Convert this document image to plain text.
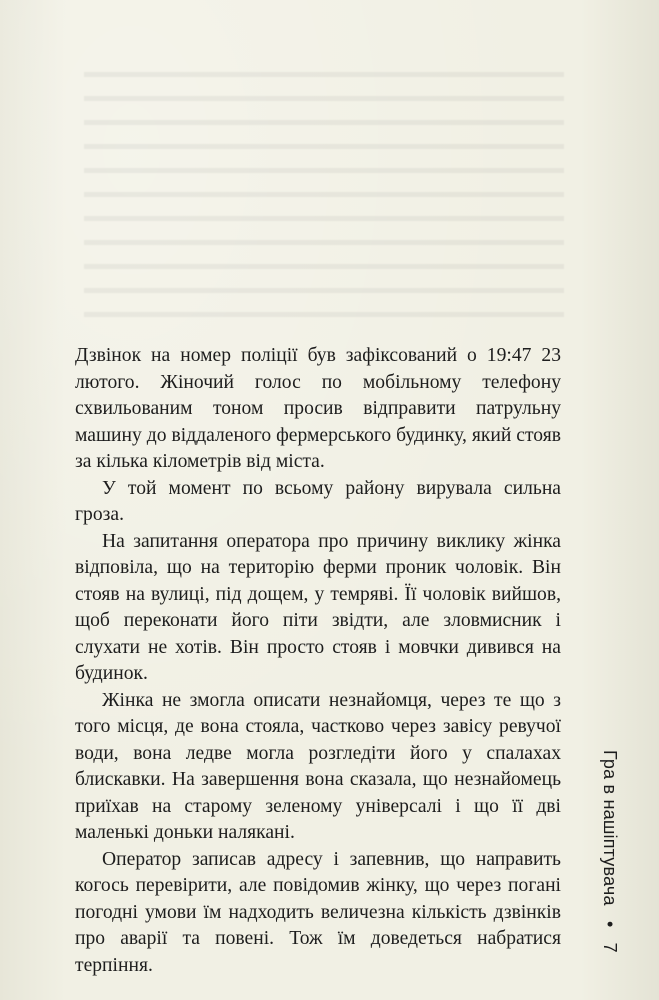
Дзвінок на номер поліції був зафіксований о 19:47 23 лютого. Жіночий голос по мобільному телефону схвильованим тоном просив відправити патрульну машину до віддаленого фермерського будинку, який стояв за кілька кілометрів від міста.

У той момент по всьому району вирувала сильна гроза.

На запитання оператора про причину виклику жінка відповіла, що на територію ферми проник чоловік. Він стояв на вулиці, під дощем, у темряві. Її чоловік вийшов, щоб переконати його піти звідти, але зловмисник і слухати не хотів. Він просто стояв і мовчки дивився на будинок.

Жінка не змогла описати незнайомця, через те що з того місця, де вона стояла, частково через завісу ревучої води, вона ледве могла розгледіти його у спалахах блискавки. На завершення вона сказала, що незнайомець приїхав на старому зеленому універсалі і що її дві маленькі доньки налякані.

Оператор записав адресу і запевнив, що направить когось перевірити, але повідомив жінку, що через погані погодні умови їм надходить величезна кількість дзвінків про аварії та повені. Тож їм доведеться набратися терпіння.

Гра в нашіптувача • 7
